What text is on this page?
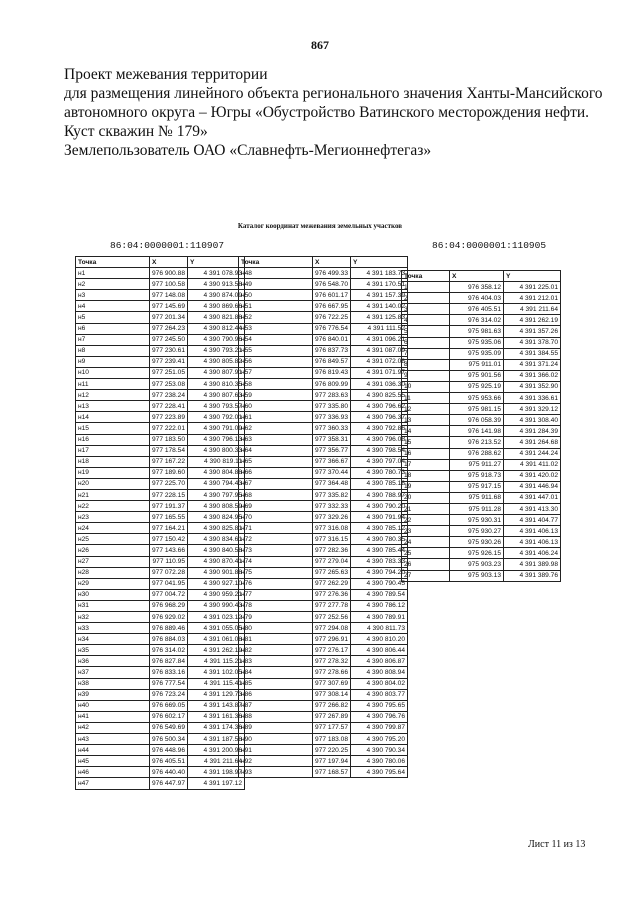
867
Проект межевания территории
для размещения линейного объекта регионального значения Ханты-Мансийского
автономного округа – Югры «Обустройство Ватинского месторождения нефти.
Куст скважин № 179»
Землепользователь ОАО «Славнефть-Мегионнефтегаз»
Каталог координат межевания земельных участков
86:04:0000001:110907	86:04:0000001:110905
Точка	X	Y
н1	976 900.88	4 391 078.93
н2	977 100.58	4 390 913.58
н3	977 148.08	4 390 874.09
н4	977 145.69	4 390 869.66
н5	977 201.34	4 390 821.88
н6	977 264.23	4 390 812.44
н7	977 245.50	4 390 790.96
н8	977 230.61	4 390 793.21
н9	977 239.41	4 390 805.82
н10	977 251.05	4 390 807.91
н11	977 253.08	4 390 810.35
н12	977 238.24	4 390 807.63
н13	977 228.41	4 390 793.57
н14	977 223.89	4 390 792.01
н15	977 222.01	4 390 791.09
н16	977 183.50	4 390 796.13
н17	977 178.54	4 390 800.33
н18	977 167.22	4 390 819.11
н19	977 189.60	4 390 804.88
н20	977 225.70	4 390 794.43
н21	977 228.15	4 390 797.95
н22	977 191.37	4 390 808.59
н23	977 165.55	4 390 824.95
н24	977 164.21	4 390 825.81
н25	977 150.42	4 390 834.61
н26	977 143.66	4 390 840.58
н27	977 110.95	4 390 870.41
н28	977 072.28	4 390 901.88
н29	977 041.95	4 390 927.10
н30	977 004.72	4 390 959.21
н31	976 968.29	4 390 990.43
н32	976 929.02	4 391 023.12
н33	976 889.46	4 391 055.05
н34	976 884.03	4 391 061.08
н35	976 314.02	4 391 262.19
н36	976 827.84	4 391 115.21
н37	976 833.16	4 391 102.05
н38	976 777.54	4 391 115.41
н39	976 723.24	4 391 129.73
н40	976 669.05	4 391 143.87
н41	976 602.17	4 391 161.36
н42	976 549.69	4 391 174.36
н43	976 500.34	4 391 187.58
н44	976 448.96	4 391 200.96
н45	976 405.51	4 391 211.64
н46	976 440.40	4 391 198.97
н47	976 447.97	4 391 197.12
Точка	X	Y
н48	976 499.33	4 391 183.73
н49	976 548.70	4 391 170.51
н50	976 601.17	4 391 157.39
н51	976 667.95	4 391 140.02
н52	976 722.25	4 391 125.83
н53	976 776.54	4 391 111.52
н54	976 840.01	4 391 096.21
н55	976 837.73	4 391 087.09
н56	976 849.57	4 391 072.08
н57	976 819.43	4 391 071.97
н58	976 809.99	4 391 036.30
н59	977 283.63	4 390 825.55
н60	977 335.80	4 390 796.62
н61	977 336.93	4 390 796.37
н62	977 360.33	4 390 792.86
н63	977 358.31	4 390 796.08
н64	977 356.77	4 390 798.54
н65	977 366.67	4 390 797.04
н66	977 370.44	4 390 780.73
н67	977 364.48	4 390 785.18
н68	977 335.82	4 390 788.97
н69	977 332.33	4 390 790.20
н70	977 329.26	4 390 791.94
н71	977 316.08	4 390 785.12
н72	977 316.15	4 390 780.35
н73	977 282.36	4 390 785.44
н74	977 279.04	4 390 783.33
н75	977 265.63	4 390 794.20
н76	977 262.29	4 390 790.45
н77	977 276.36	4 390 789.54
н78	977 277.78	4 390 786.12
н79	977 252.56	4 390 789.91
н80	977 294.08	4 390 811.73
н81	977 296.91	4 390 810.20
н82	977 276.17	4 390 806.44
н83	977 278.32	4 390 806.87
н84	977 278.66	4 390 808.94
н85	977 307.69	4 390 804.02
н86	977 308.14	4 390 803.77
н87	977 266.82	4 390 795.65
н88	977 267.89	4 390 796.76
н89	977 177.57	4 390 799.87
н90	977 183.08	4 390 795.20
н91	977 220.25	4 390 790.34
н92	977 197.94	4 390 780.06
н93	977 168.57	4 390 795.64
Точка	X	Y
1	976 358.12	4 391 225.01
2	976 404.03	4 391 212.01
3	976 405.51	4 391 211.64
4	976 314.02	4 391 262.19
5	975 981.63	4 391 357.26
6	975 935.06	4 391 378.70
7	975 935.09	4 391 384.55
8	975 911.01	4 391 371.24
9	975 901.56	4 391 366.02
10	975 925.19	4 391 352.90
11	975 953.66	4 391 336.61
12	975 981.15	4 391 329.12
13	976 058.39	4 391 308.40
14	976 141.98	4 391 284.39
15	976 213.52	4 391 264.68
16	976 288.62	4 391 244.24
17	975 911.27	4 391 411.02
18	975 918.73	4 391 420.02
19	975 917.15	4 391 446.94
20	975 911.68	4 391 447.01
21	975 911.28	4 391 413.30
22	975 930.31	4 391 404.77
23	975 930.27	4 391 406.13
24	975 930.26	4 391 406.13
25	975 926.15	4 391 406.24
26	975 903.23	4 391 389.98
27	975 903.13	4 391 389.76
Лист 11 из 13
